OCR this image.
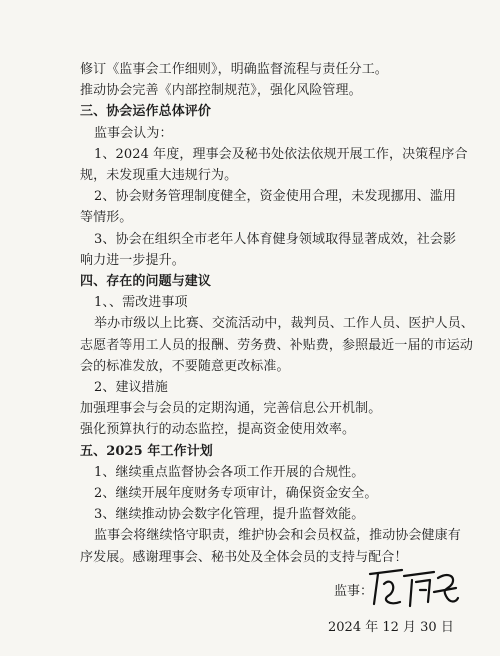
修订《监事会工作细则》，明确监督流程与责任分工。
推动协会完善《内部控制规范》，强化风险管理。
三、协会运作总体评价
监事会认为：
1、2024 年度，理事会及秘书处依法依规开展工作，决策程序合
规，未发现重大违规行为。
2、协会财务管理制度健全，资金使用合理，未发现挪用、滥用
等情形。
3、协会在组织全市老年人体育健身领域取得显著成效，社会影
响力进一步提升。
四、存在的问题与建议
1、、需改进事项
举办市级以上比赛、交流活动中，裁判员、工作人员、医护人员、
志愿者等用工人员的报酬、劳务费、补贴费，参照最近一届的市运动
会的标准发放，不要随意更改标准。
2、建议措施
加强理事会与会员的定期沟通，完善信息公开机制。
强化预算执行的动态监控，提高资金使用效率。
五、2025 年工作计划
1、继续重点监督协会各项工作开展的合规性。
2、继续开展年度财务专项审计，确保资金安全。
3、继续推动协会数字化管理，提升监督效能。
监事会将继续恪守职责，维护协会和会员权益，推动协会健康有
序发展。感谢理事会、秘书处及全体会员的支持与配合！
监事：
2024 年 12 月 30 日
